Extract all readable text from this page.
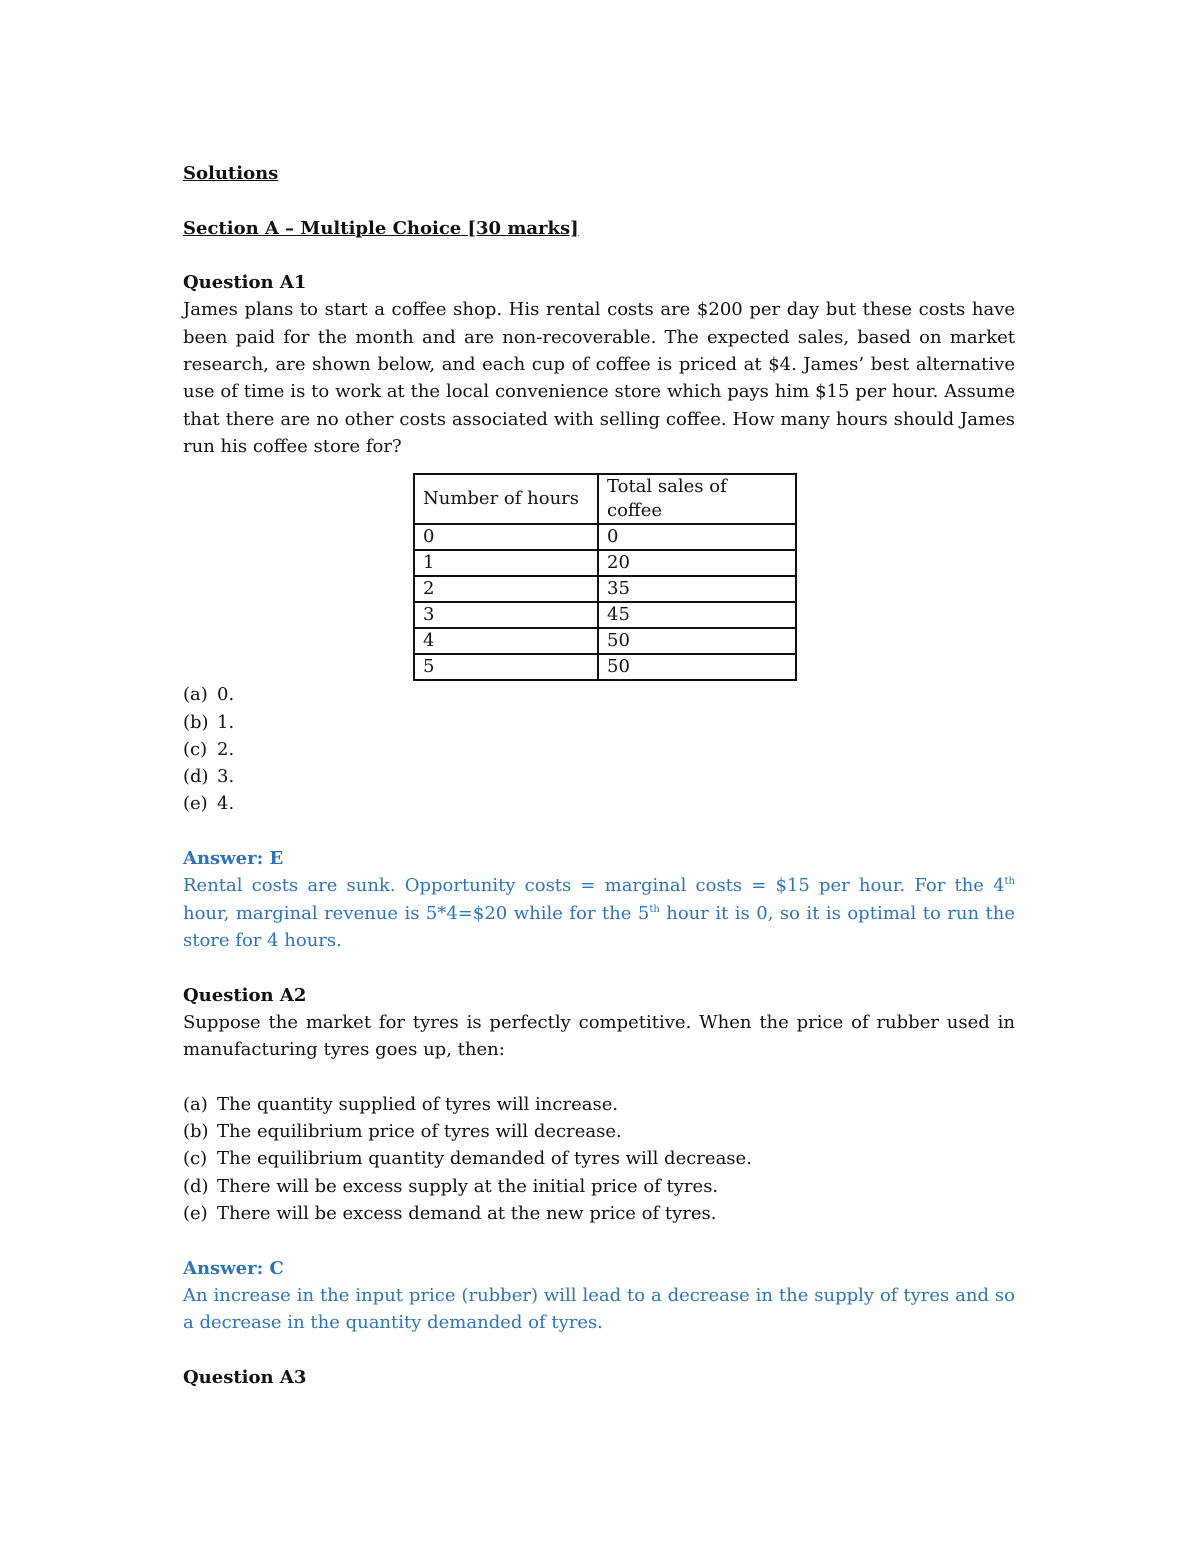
Solutions

Section A – Multiple Choice [30 marks]

Question A1

James plans to start a coffee shop. His rental costs are $200 per day but these costs have been paid for the month and are non-recoverable. The expected sales, based on market research, are shown below, and each cup of coffee is priced at $4. James’ best alternative use of time is to work at the local convenience store which pays him $15 per hour. Assume that there are no other costs associated with selling coffee. How many hours should James run his coffee store for?

Number of hours	Total sales of coffee
0	0
1	20
2	35
3	45
4	50
5	50

(a) 0.

(b) 1.

(c) 2.

(d) 3.

(e) 4.

Answer: E

Rental costs are sunk. Opportunity costs = marginal costs = $15 per hour. For the 4th hour, marginal revenue is 5*4=$20 while for the 5th hour it is 0, so it is optimal to run the store for 4 hours.

Question A2

Suppose the market for tyres is perfectly competitive. When the price of rubber used in manufacturing tyres goes up, then:

(a) The quantity supplied of tyres will increase.

(b) The equilibrium price of tyres will decrease.

(c) The equilibrium quantity demanded of tyres will decrease.

(d) There will be excess supply at the initial price of tyres.

(e) There will be excess demand at the new price of tyres.

Answer: C

An increase in the input price (rubber) will lead to a decrease in the supply of tyres and so a decrease in the quantity demanded of tyres.

Question A3
